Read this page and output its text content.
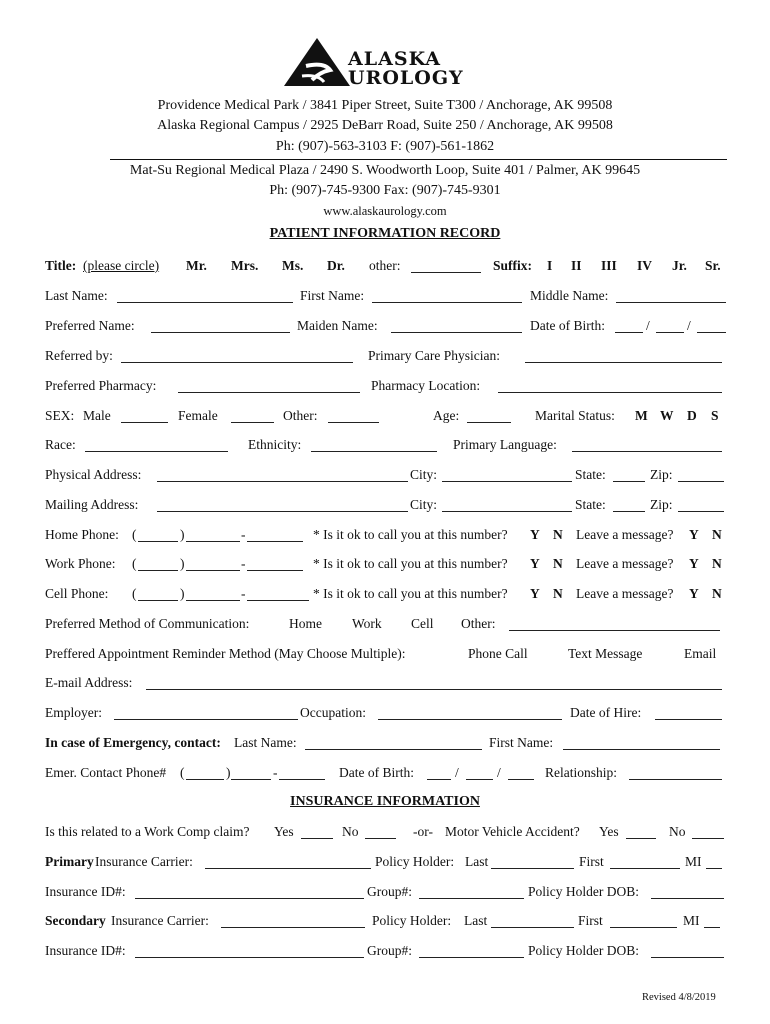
ALASKA
UROLOGY
Providence Medical Park / 3841 Piper Street, Suite T300 / Anchorage, AK 99508
Alaska Regional Campus / 2925 DeBarr Road, Suite 250 / Anchorage, AK 99508
Ph: (907)-563-3103 F: (907)-561-1862
Mat-Su Regional Medical Plaza / 2490 S. Woodworth Loop, Suite 401 / Palmer, AK 99645
Ph: (907)-745-9300 Fax: (907)-745-9301
www.alaskaurology.com
PATIENT INFORMATION RECORD
Title: (please circle) Mr. Mrs. Ms. Dr. other:	Suffix: I II III IV Jr. Sr.
Last Name:	First Name:	Middle Name:
Preferred Name:	Maiden Name:	Date of Birth:	/	/
Referred by:	Primary Care Physician:
Preferred Pharmacy:	Pharmacy Location:
SEX: Male	Female	Other:	Age:	Marital Status: M W D S
Race:	Ethnicity:	Primary Language:
Physical Address:	City:	State:	Zip:
Mailing Address:	City:	State:	Zip:
Home Phone: (	)	-	* Is it ok to call you at this number? Y N Leave a message? Y N
Work Phone: (	)	-	* Is it ok to call you at this number? Y N Leave a message? Y N
Cell Phone: (	)	-	* Is it ok to call you at this number? Y N Leave a message? Y N
Preferred Method of Communication:	Home Work Cell Other:
Preffered Appointment Reminder Method (May Choose Multiple):	Phone Call	Text Message	Email
E-mail Address:
Employer:	Occupation:	Date of Hire:
In case of Emergency, contact: Last Name:	First Name:
Emer. Contact Phone# (	)	-	Date of Birth:	/	/	Relationship:
INSURANCE INFORMATION
Is this related to a Work Comp claim? Yes	No	-or- Motor Vehicle Accident? Yes	No
Primary Insurance Carrier:	Policy Holder: Last	First	MI
Insurance ID#:	Group#:	Policy Holder DOB:
Secondary Insurance Carrier:	Policy Holder: Last	First	MI
Insurance ID#:	Group#:	Policy Holder DOB:
Revised 4/8/2019
